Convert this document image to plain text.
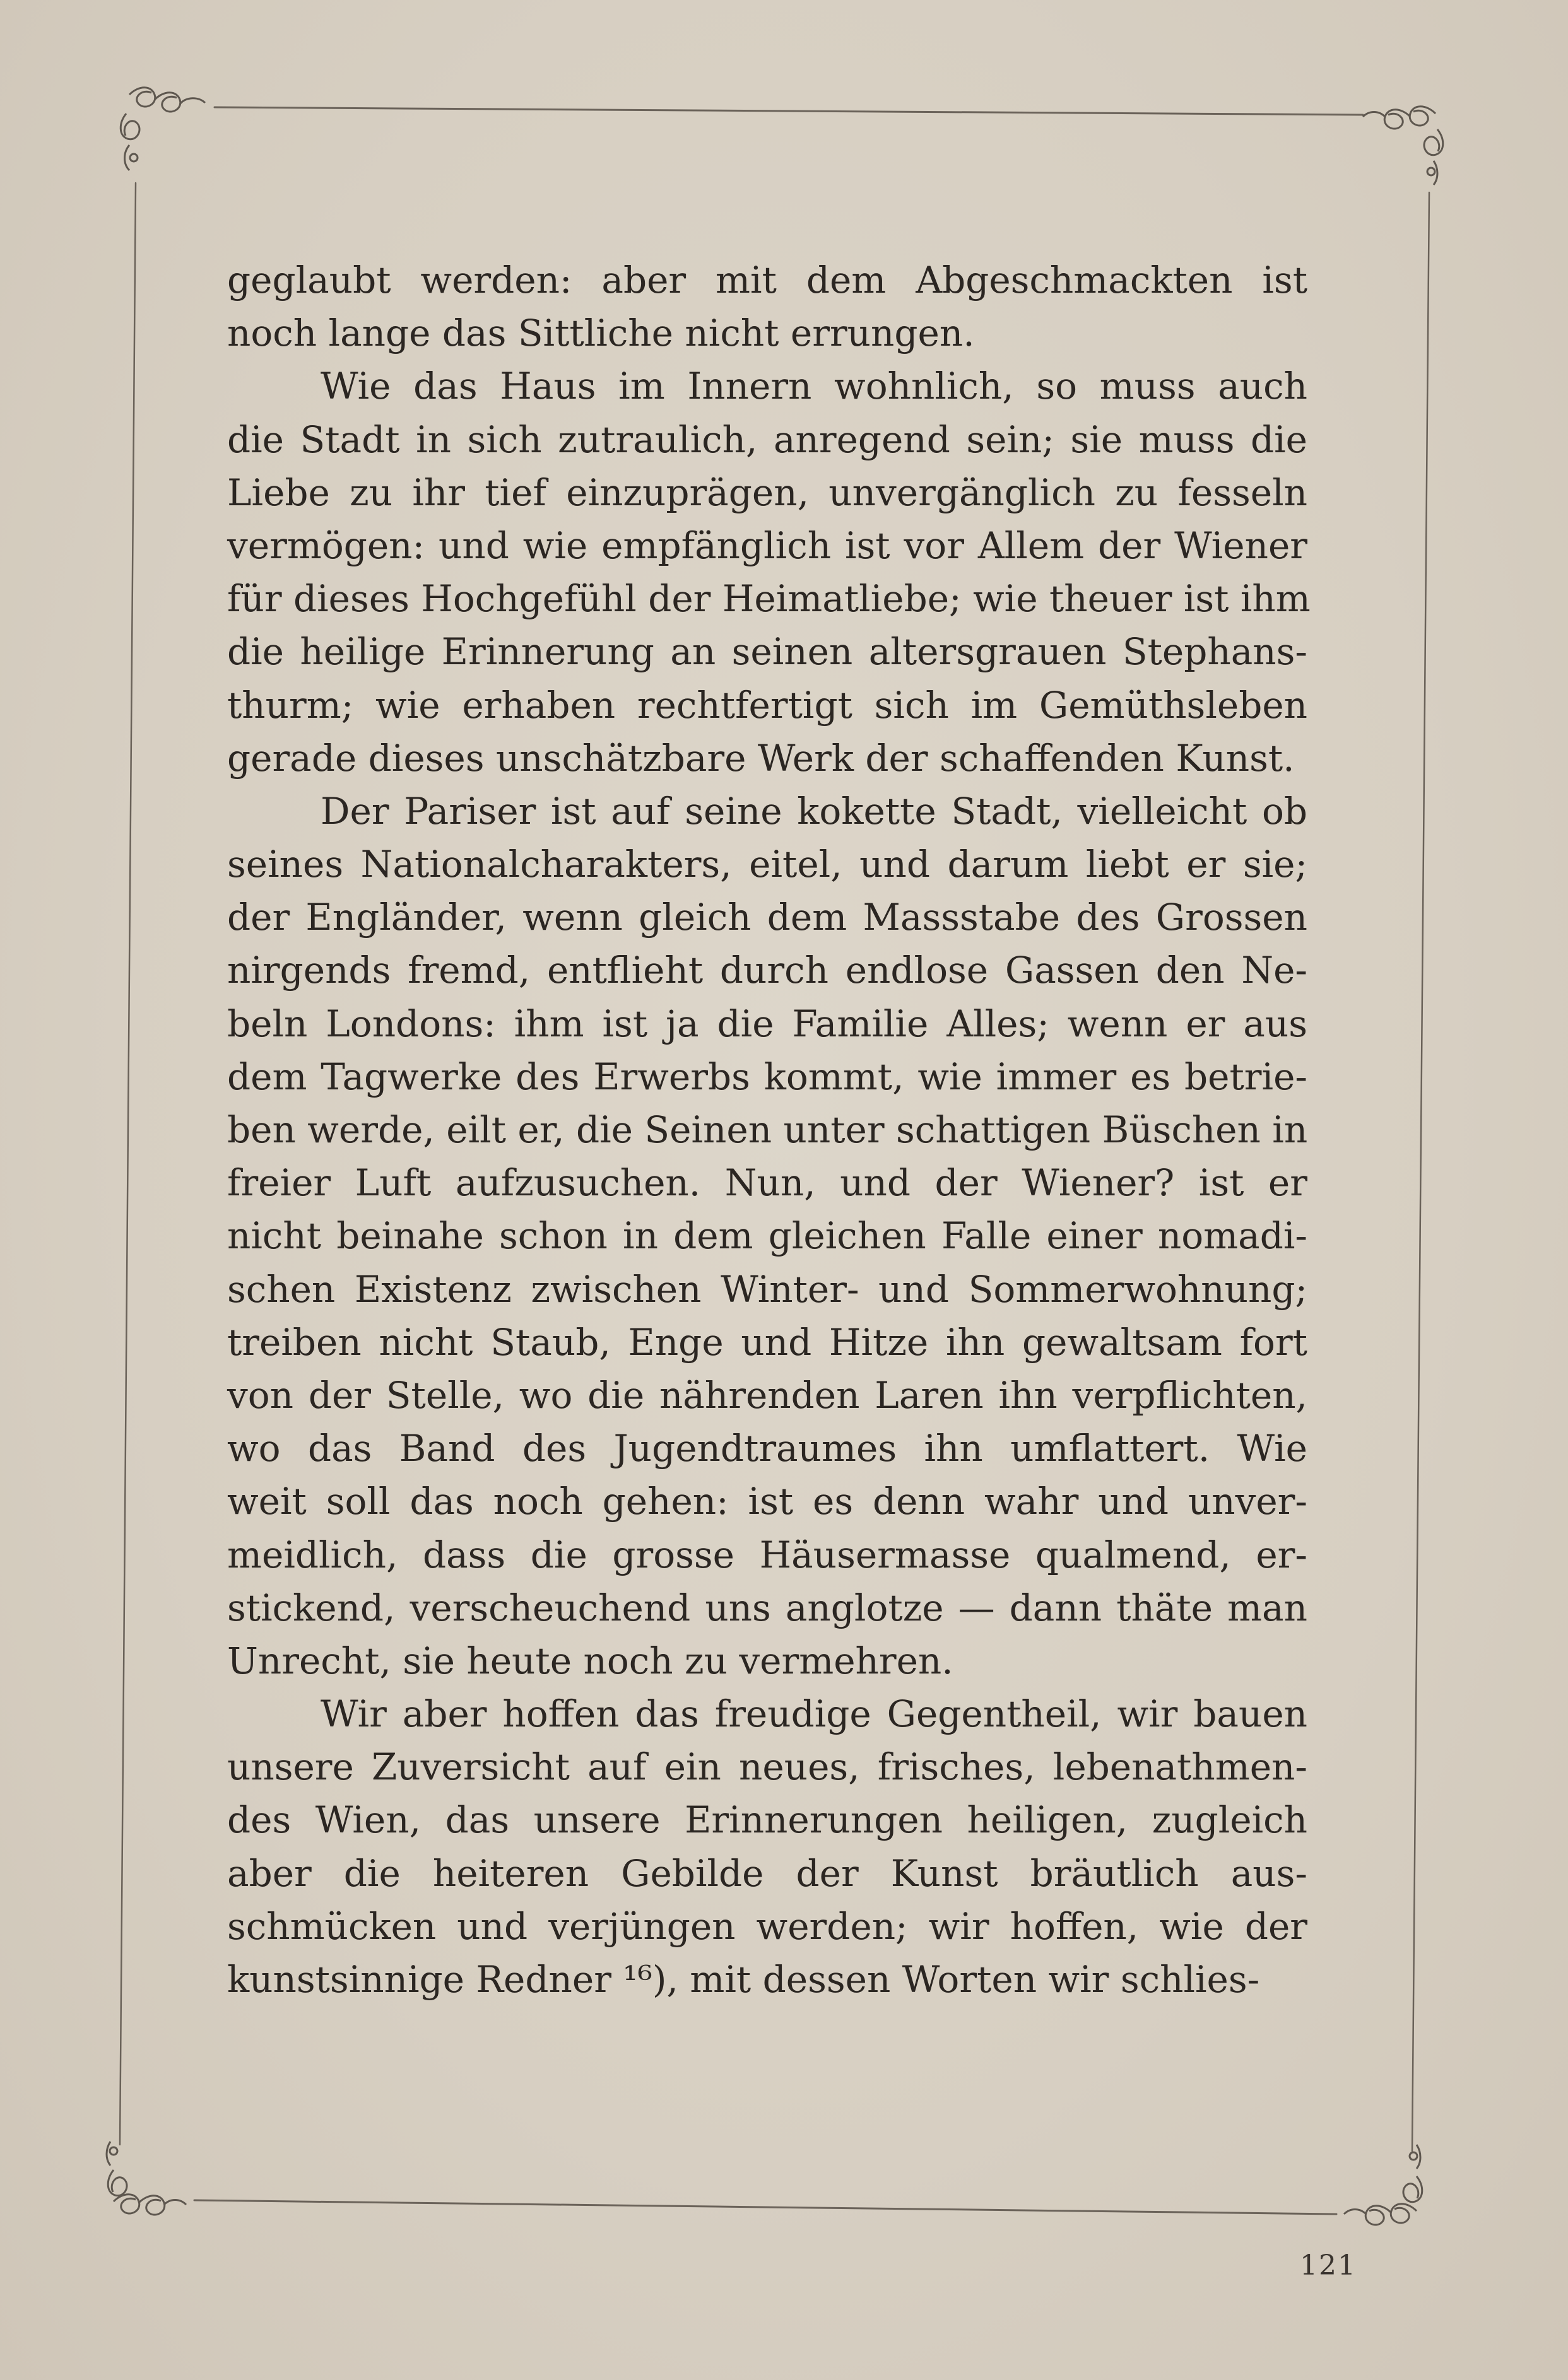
geglaubt werden: aber mit dem Abgeschmackten ist
noch lange das Sittliche nicht errungen.
Wie das Haus im Innern wohnlich, so muss auch
die Stadt in sich zutraulich, anregend sein; sie muss die
Liebe zu ihr tief einzuprägen, unvergänglich zu fesseln
vermögen: und wie empfänglich ist vor Allem der Wiener
für dieses Hochgefühl der Heimatliebe; wie theuer ist ihm
die heilige Erinnerung an seinen altersgrauen Stephans-
thurm; wie erhaben rechtfertigt sich im Gemüthsleben
gerade dieses unschätzbare Werk der schaffenden Kunst.
Der Pariser ist auf seine kokette Stadt, vielleicht ob
seines Nationalcharakters, eitel, und darum liebt er sie;
der Engländer, wenn gleich dem Massstabe des Grossen
nirgends fremd, entflieht durch endlose Gassen den Ne-
beln Londons: ihm ist ja die Familie Alles; wenn er aus
dem Tagwerke des Erwerbs kommt, wie immer es betrie-
ben werde, eilt er, die Seinen unter schattigen Büschen in
freier Luft aufzusuchen. Nun, und der Wiener? ist er
nicht beinahe schon in dem gleichen Falle einer nomadi-
schen Existenz zwischen Winter- und Sommerwohnung;
treiben nicht Staub, Enge und Hitze ihn gewaltsam fort
von der Stelle, wo die nährenden Laren ihn verpflichten,
wo das Band des Jugendtraumes ihn umflattert. Wie
weit soll das noch gehen: ist es denn wahr und unver-
meidlich, dass die grosse Häusermasse qualmend, er-
stickend, verscheuchend uns anglotze — dann thäte man
Unrecht, sie heute noch zu vermehren.
Wir aber hoffen das freudige Gegentheil, wir bauen
unsere Zuversicht auf ein neues, frisches, lebenathmen-
des Wien, das unsere Erinnerungen heiligen, zugleich
aber die heiteren Gebilde der Kunst bräutlich aus-
schmücken und verjüngen werden; wir hoffen, wie der
kunstsinnige Redner ¹⁶), mit dessen Worten wir schlies-
121
